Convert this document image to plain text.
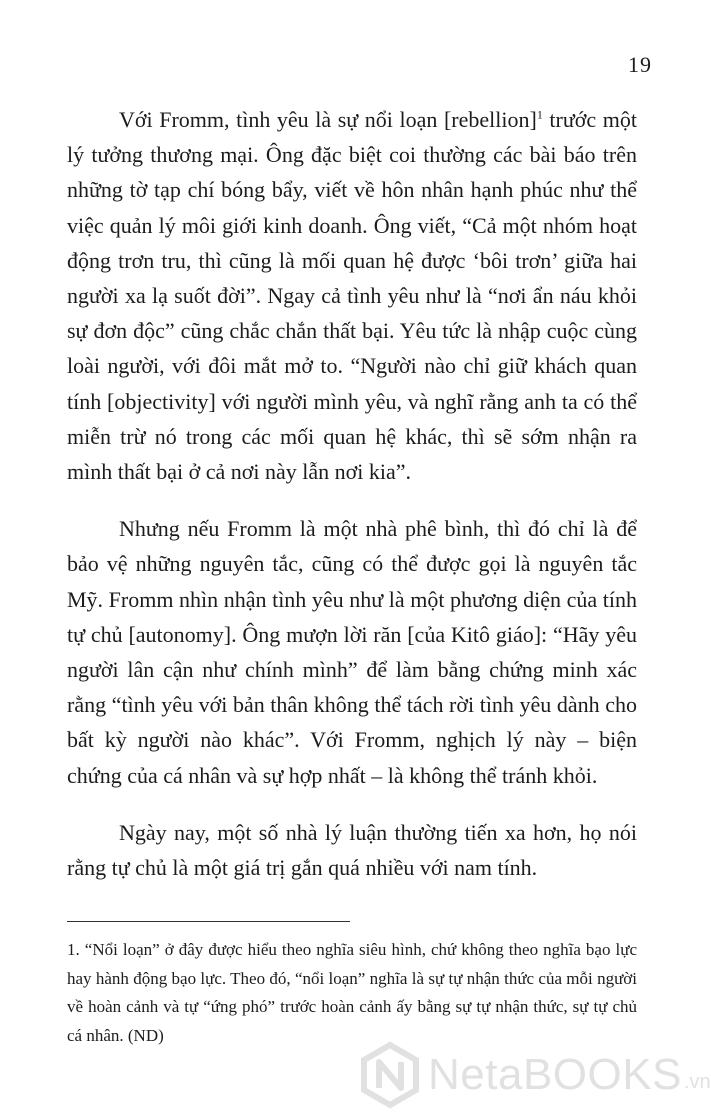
19

Với Fromm, tình yêu là sự nổi loạn [rebellion]$^1$ trước một lý tưởng thương mại. Ông đặc biệt coi thường các bài báo trên những tờ tạp chí bóng bẩy, viết về hôn nhân hạnh phúc như thể việc quản lý môi giới kinh doanh. Ông viết, “Cả một nhóm hoạt động trơn tru, thì cũng là mối quan hệ được ‘bôi trơn’ giữa hai người xa lạ suốt đời”. Ngay cả tình yêu như là “nơi ẩn náu khỏi sự đơn độc” cũng chắc chắn thất bại. Yêu tức là nhập cuộc cùng loài người, với đôi mắt mở to. “Người nào chỉ giữ khách quan tính [objectivity] với người mình yêu, và nghĩ rằng anh ta có thể miễn trừ nó trong các mối quan hệ khác, thì sẽ sớm nhận ra mình thất bại ở cả nơi này lẫn nơi kia”.

Nhưng nếu Fromm là một nhà phê bình, thì đó chỉ là để bảo vệ những nguyên tắc, cũng có thể được gọi là nguyên tắc Mỹ. Fromm nhìn nhận tình yêu như là một phương diện của tính tự chủ [autonomy]. Ông mượn lời răn [của Kitô giáo]: “Hãy yêu người lân cận như chính mình” để làm bằng chứng minh xác rằng “tình yêu với bản thân không thể tách rời tình yêu dành cho bất kỳ người nào khác”. Với Fromm, nghịch lý này – biện chứng của cá nhân và sự hợp nhất – là không thể tránh khỏi.

Ngày nay, một số nhà lý luận thường tiến xa hơn, họ nói rằng tự chủ là một giá trị gắn quá nhiều với nam tính.

1. “Nổi loạn” ở đây được hiểu theo nghĩa siêu hình, chứ không theo nghĩa bạo lực hay hành động bạo lực. Theo đó, “nổi loạn” nghĩa là sự tự nhận thức của mỗi người về hoàn cảnh và tự “ứng phó” trước hoàn cảnh ấy bằng sự tự nhận thức, sự tự chủ cá nhân. (ND)

NetaBOOKS .vn
